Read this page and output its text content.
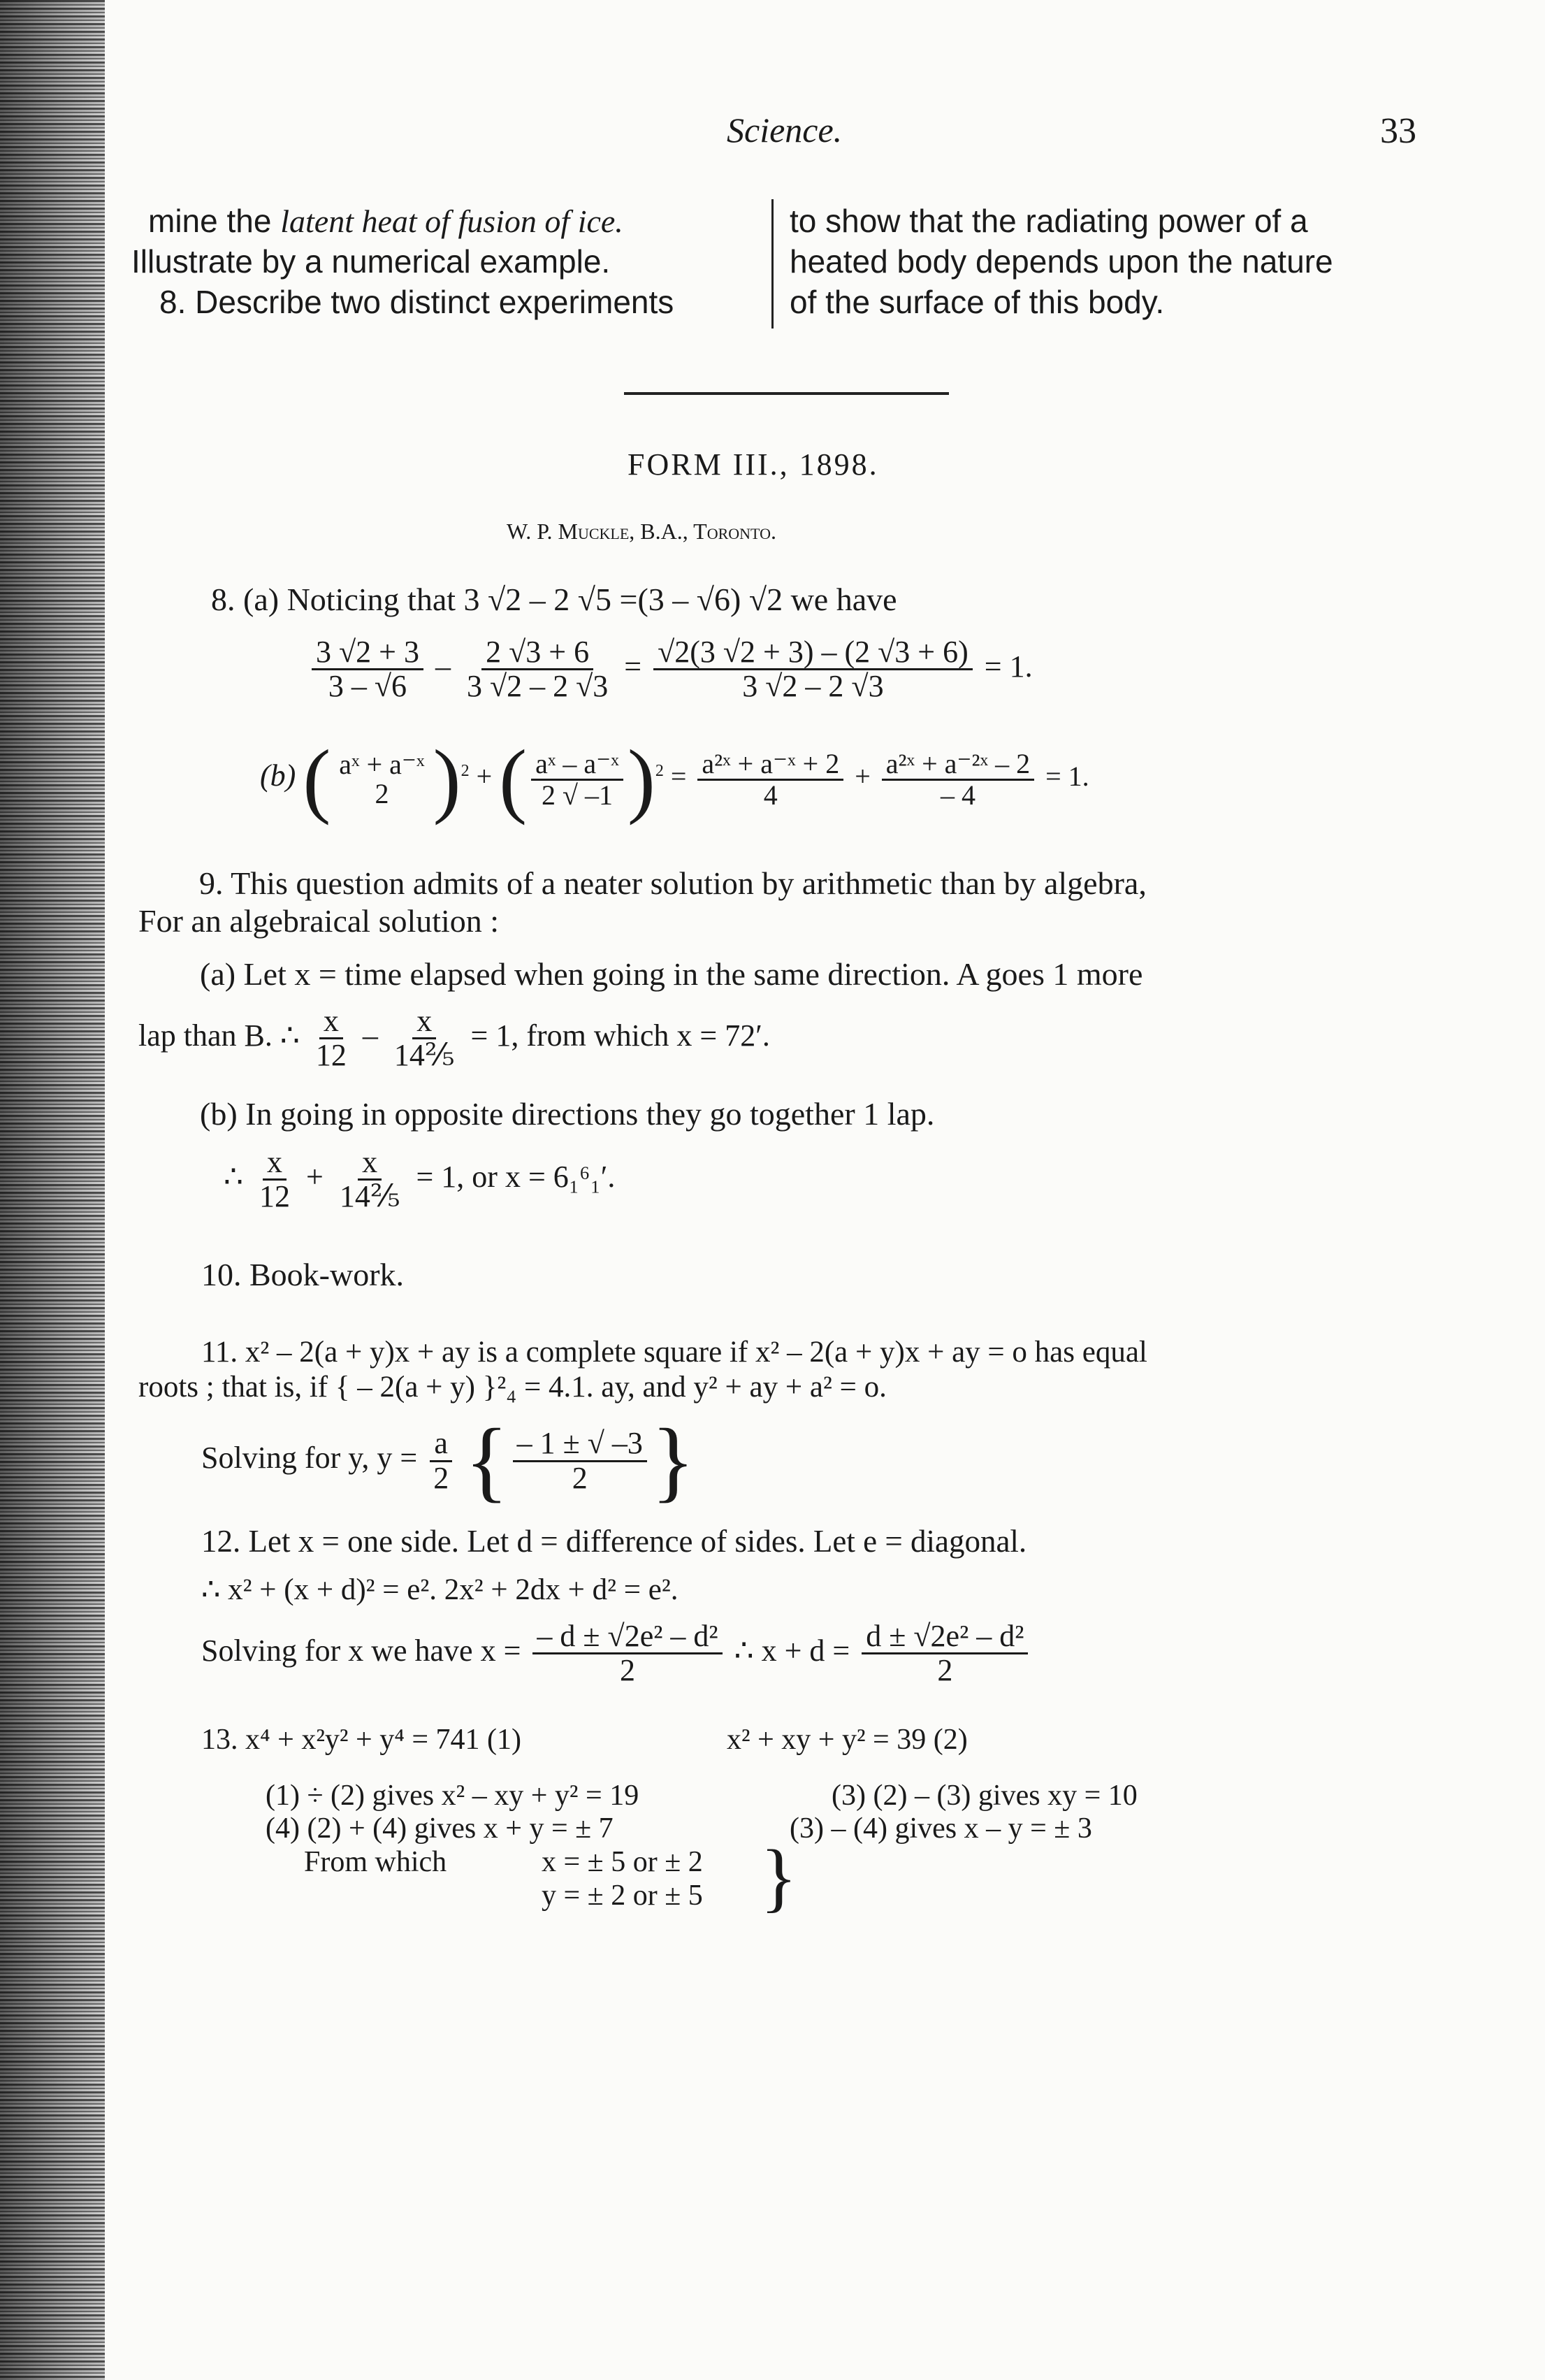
Science.	33
mine the latent heat of fusion of ice.
Illustrate by a numerical example.
8. Describe two distinct experiments
to show that the radiating power of a
heated body depends upon the nature
of the surface of this body.
FORM III., 1898.
W. P. Muckle, B.A., Toronto.
8. (a) Noticing that 3 √2 – 2 √5 =(3 – √6) √2 we have
$\frac{3 √2 + 3}{3 - √6} - \frac{2 √3 + 6}{3 √2 - 2 √3} = \frac{√2(3 √2 + 3) - (2 √3 + 6)}{3 √2 - 2 √3} = 1$.
(b) ( aˣ + a⁻ˣ
2 )$^2$ + ( $\frac{\text{aˣ – a⁻ˣ}}{2 √ -1} )^2 = \frac{\text{a²ˣ + a⁻ˣ + 2}}{4} + \frac{\text{a²ˣ + a⁻²ˣ – 2}}{- 4} = 1$.
9. This question admits of a neater solution by arithmetic than by algebra,
For an algebraical solution :
(a) Let x = time elapsed when going in the same direction. A goes 1 more
lap than B. ∴ $\frac{x}{12} - \frac{x}{\text{14⅖}} = 1$, from which x = 72′.
(b) In going in opposite directions they go together 1 lap.
∴ $\frac{x}{12} + \frac{x}{\text{14⅖}} = 1$, or x = 6₁⁶₁′.
10. Book-work.
11. x² – 2(a + y)x + ay is a complete square if x² – 2(a + y)x + ay = o has equal
roots ; that is, if { – 2(a + y) }²₄ = 4.1. ay, and y² + ay + a² = o.
Solving for y, $y = \frac{a}{2}$ { $\frac{- 1 \pm √ -3}{2}$ }
12. Let x = one side. Let d = difference of sides. Let e = diagonal.
∴ x² + (x + d)² = e². 2x² + 2dx + d² = e².
Solving for x we have $x = \frac{\text{– d ± √2e² – d²}}{2}$ ∴ $x + d = \frac{\text{d ± √2e² – d²}}{2}$
13. x⁴ + x²y² + y⁴ = 741 (1)	x² + xy + y² = 39 (2)
(1) ÷ (2) gives x² – xy + y² = 19	(3) (2) – (3) gives xy = 10
(4) (2) + (4) gives x + y = ± 7	(3) – (4) gives x – y = ± 3
From which	x = ± 5 or ± 2
y = ± 2 or ± 5 }
